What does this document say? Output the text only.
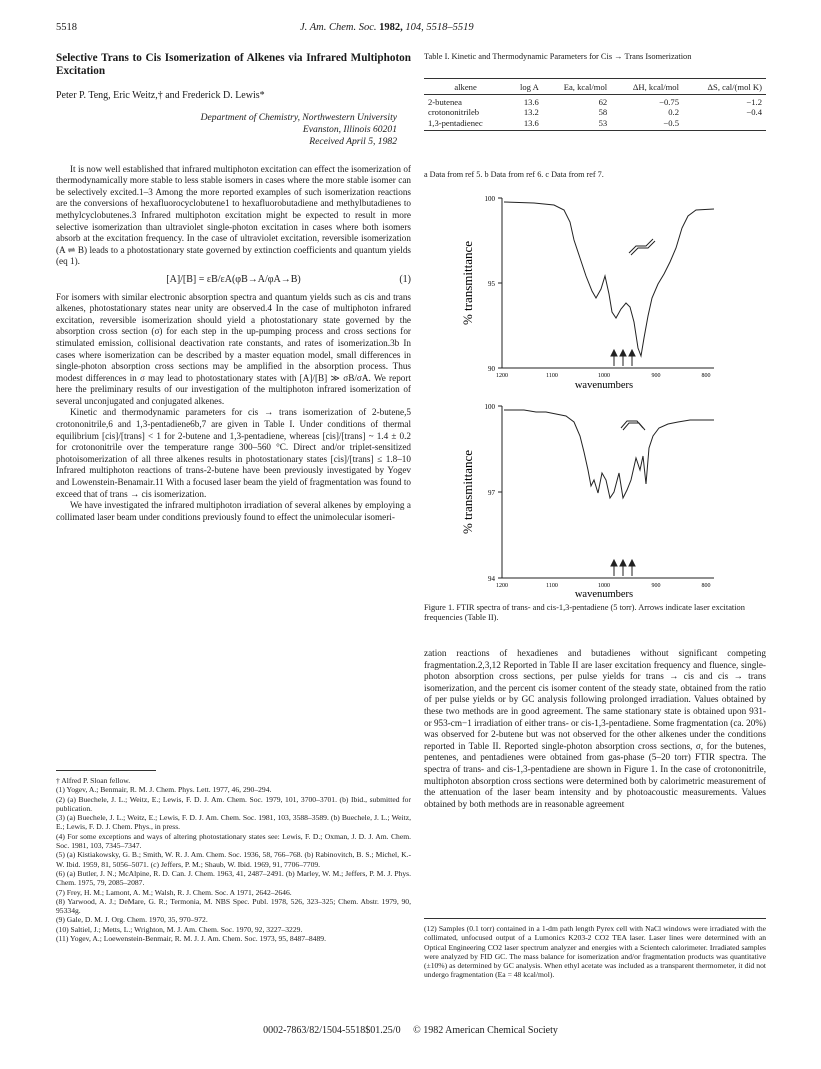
5518	J. Am. Chem. Soc. 1982, 104, 5518–5519
Selective Trans to Cis Isomerization of Alkenes via Infrared Multiphoton Excitation
Peter P. Teng, Eric Weitz,† and Frederick D. Lewis*
Department of Chemistry, Northwestern University
Evanston, Illinois 60201
Received April 5, 1982

It is now well established that infrared multiphoton excitation can effect the isomerization of thermodynamically more stable to less stable isomers in cases where the more stable isomer can be selectively excited.1–3 Among the more reported examples of such isomerization reactions are the conversions of hexafluorocyclobutene1 to hexafluorobutadiene and methylbutadienes to methylcyclobutenes.3 Infrared multiphoton excitation might be expected to result in more selective isomerization than ultraviolet single-photon excitation in cases where both isomers absorb at the excitation frequency. In the case of ultraviolet excitation, reversible isomerization (A ⇌ B) leads to a photostationary state governed by extinction coefficients and quantum yields (eq 1).

[A]/[B] = εB/εA(φB→A/φA→B)	(1)

For isomers with similar electronic absorption spectra and quantum yields such as cis and trans alkenes, photostationary states near unity are observed.4 In the case of multiphoton infrared excitation, reversible isomerization should yield a photostationary state governed by the absorption cross section (σ) for each step in the up-pumping process and cross sections for stimulated emission, collisional deactivation rate constants, and rates of isomerization.3b In cases where isomerization can be described by a master equation model, small differences in single-photon absorption cross sections may be amplified in the absorption process. Thus modest differences in σ may lead to photostationary states with [A]/[B] ≫ σB/σA. We report here the preliminary results of our investigation of the multiphoton infrared isomerization of several unconjugated and conjugated alkenes.

Kinetic and thermodynamic parameters for cis → trans isomerization of 2-butene,5 crotononitrile,6 and 1,3-pentadiene6b,7 are given in Table I. Under conditions of thermal equilibrium [cis]/[trans] < 1 for 2-butene and 1,3-pentadiene, whereas [cis]/[trans] ~ 1.4 ± 0.2 for crotononitrile over the temperature range 300–560 °C. Direct and/or triplet-sensitized photoisomerization of all three alkenes results in photostationary states [cis]/[trans] ≤ 1.8–10 Infrared multiphoton reactions of trans-2-butene have been previously investigated by Yogev and Lowenstein-Benamair.11 With a focused laser beam the yield of fragmentation was found to exceed that of trans → cis isomerization.

We have investigated the infrared multiphoton irradiation of several alkenes by employing a collimated laser beam under conditions previously found to effect the unimolecular isomeri-

† Alfred P. Sloan fellow.
(1) Yogev, A.; Benmair, R. M. J. Chem. Phys. Lett. 1977, 46, 290–294.
(2) (a) Buechele, J. L.; Weitz, E.; Lewis, F. D. J. Am. Chem. Soc. 1979, 101, 3700–3701. (b) Ibid., submitted for publication.
(3) (a) Buechele, J. L.; Weitz, E.; Lewis, F. D. J. Am. Chem. Soc. 1981, 103, 3588–3589. (b) Buechele, J. L.; Weitz, E.; Lewis, F. D. J. Chem. Phys., in press.
(4) For some exceptions and ways of altering photostationary states see: Lewis, F. D.; Oxman, J. D. J. Am. Chem. Soc. 1981, 103, 7345–7347.
(5) (a) Kistiakowsky, G. B.; Smith, W. R. J. Am. Chem. Soc. 1936, 58, 766–768. (b) Rabinovitch, B. S.; Michel, K.-W. Ibid. 1959, 81, 5056–5071. (c) Jeffers, P. M.; Shaub, W. Ibid. 1969, 91, 7706–7709.
(6) (a) Butler, J. N.; McAlpine, R. D. Can. J. Chem. 1963, 41, 2487–2491. (b) Marley, W. M.; Jeffers, P. M. J. Phys. Chem. 1975, 79, 2085–2087.
(7) Frey, H. M.; Lamont, A. M.; Walsh, R. J. Chem. Soc. A 1971, 2642–2646.
(8) Yarwood, A. J.; DeMare, G. R.; Termonia, M. NBS Spec. Publ. 1978, 526, 323–325; Chem. Abstr. 1979, 90, 95334g.
(9) Gale, D. M. J. Org. Chem. 1970, 35, 970–972.
(10) Saltiel, J.; Metts, L.; Wrighton, M. J. Am. Chem. Soc. 1970, 92, 3227–3229.
(11) Yogev, A.; Loewenstein-Benmair, R. M. J. J. Am. Chem. Soc. 1973, 95, 8487–8489.
Table I. Kinetic and Thermodynamic Parameters for Cis → Trans Isomerization
alkene	log A	Ea, kcal/mol	ΔH, kcal/mol	ΔS, cal/(mol K)

2-butenea	13.6	62	−0.75	−1.2
crotononitrileb	13.2	58	0.2	−0.4
1,3-pentadienec	13.6	53	−0.5	

a Data from ref 5. b Data from ref 6. c Data from ref 7.
100
95
90
1200	1100	1000	900	800
wavenumbers
% transmittance
100
97
94
1200	1100	1000	900	800
wavenumbers
% transmittance
Figure 1. FTIR spectra of trans- and cis-1,3-pentadiene (5 torr). Arrows indicate laser excitation frequencies (Table II).

zation reactions of hexadienes and butadienes without significant competing fragmentation.2,3,12 Reported in Table II are laser excitation frequency and fluence, single-photon absorption cross sections, per pulse yields for trans → cis and cis → trans isomerization, and the percent cis isomer content of the steady state, obtained from the ratio of per pulse yields or by GC analysis following prolonged irradiation. Values obtained by these two methods are in good agreement. The same stationary state is obtained upon 931- or 953-cm−1 irradiation of either trans- or cis-1,3-pentadiene. Some fragmentation (ca. 20%) was observed for 2-butene but was not observed for the other alkenes under the conditions reported in Table II. Reported single-photon absorption cross sections, σ, for the butenes, pentenes, and pentadienes were obtained from gas-phase (5–20 torr) FTIR spectra. The spectra of trans- and cis-1,3-pentadiene are shown in Figure 1. In the case of crotononitrile, multiphoton absorption cross sections were determined both by calorimetric measurement of the attenuation of the laser beam intensity and by photoacoustic measurements. Values obtained by both methods are in reasonable agreement

(12) Samples (0.1 torr) contained in a 1-dm path length Pyrex cell with NaCl windows were irradiated with the collimated, unfocused output of a Lumonics K203-2 CO2 TEA laser. Laser lines were determined with an Optical Engineering CO2 laser spectrum analyzer and energies with a Scientech calorimeter. Irradiated samples were analyzed by FID GC. The mass balance for isomerization and/or fragmentation products was quantitative (±10%) as determined by GC analysis. When ethyl acetate was included as a transparent thermometer, it did not undergo fragmentation (Ea = 48 kcal/mol).
0002-7863/82/1504-5518$01.25/0 © 1982 American Chemical Society
